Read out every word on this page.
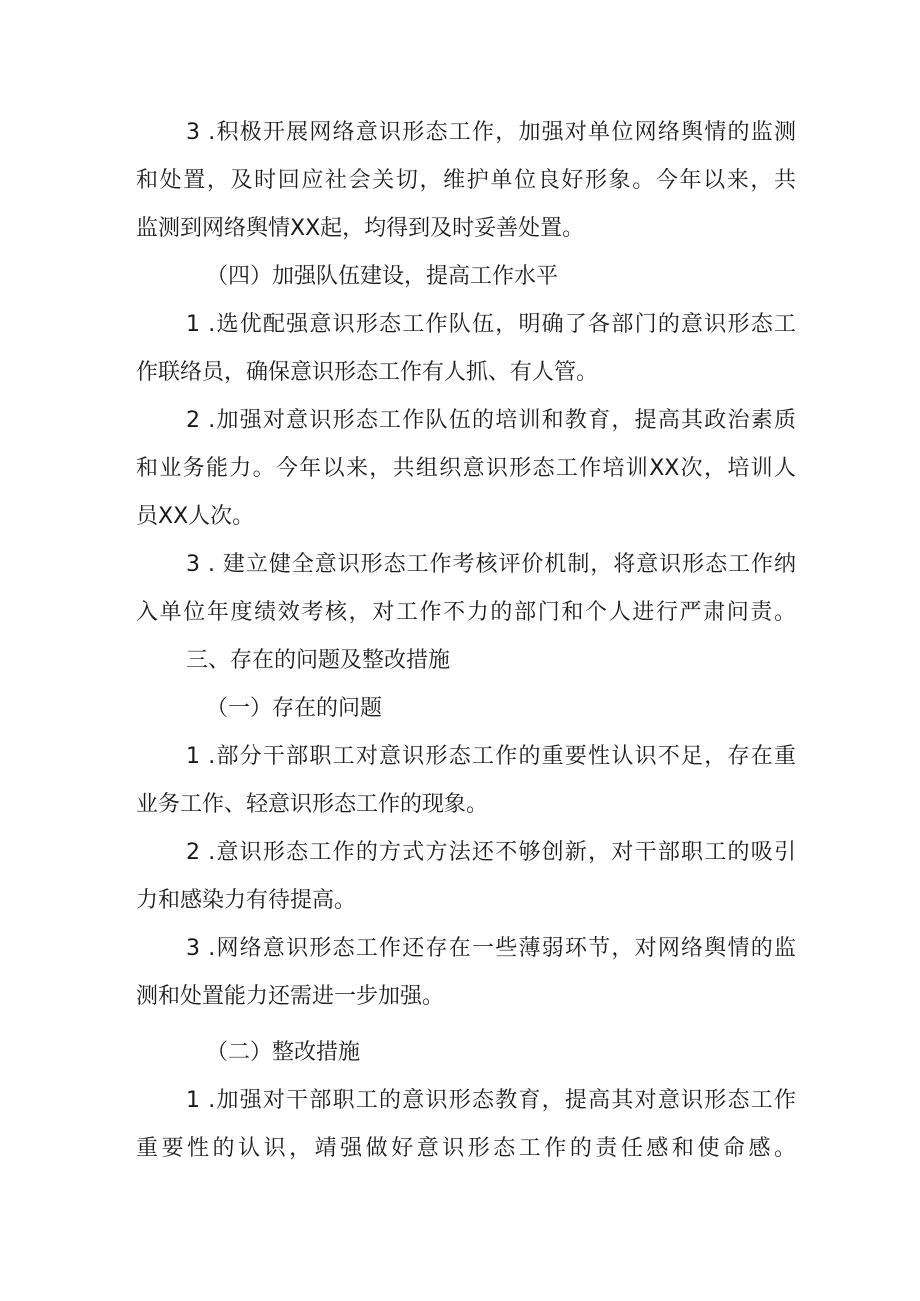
3 .积极开展网络意识形态工作，加强对单位网络舆情的监测
和处置，及时回应社会关切，维护单位良好形象。今年以来，共
监测到网络舆情XX起，均得到及时妥善处置。
（四）加强队伍建设，提高工作水平
1 .选优配强意识形态工作队伍，明确了各部门的意识形态工
作联络员，确保意识形态工作有人抓、有人管。
2 .加强对意识形态工作队伍的培训和教育，提高其政治素质
和业务能力。今年以来，共组织意识形态工作培训XX次，培训人
员XX人次。
3 . 建立健全意识形态工作考核评价机制，将意识形态工作纳
入单位年度绩效考核，对工作不力的部门和个人进行严肃问责。
三、存在的问题及整改措施
（一）存在的问题
1 .部分干部职工对意识形态工作的重要性认识不足，存在重
业务工作、轻意识形态工作的现象。
2 .意识形态工作的方式方法还不够创新，对干部职工的吸引
力和感染力有待提高。
3 .网络意识形态工作还存在一些薄弱环节，对网络舆情的监
测和处置能力还需进一步加强。
（二）整改措施
1 .加强对干部职工的意识形态教育，提高其对意识形态工作
重要性的认识，靖强做好意识形态工作的责任感和使命感。
